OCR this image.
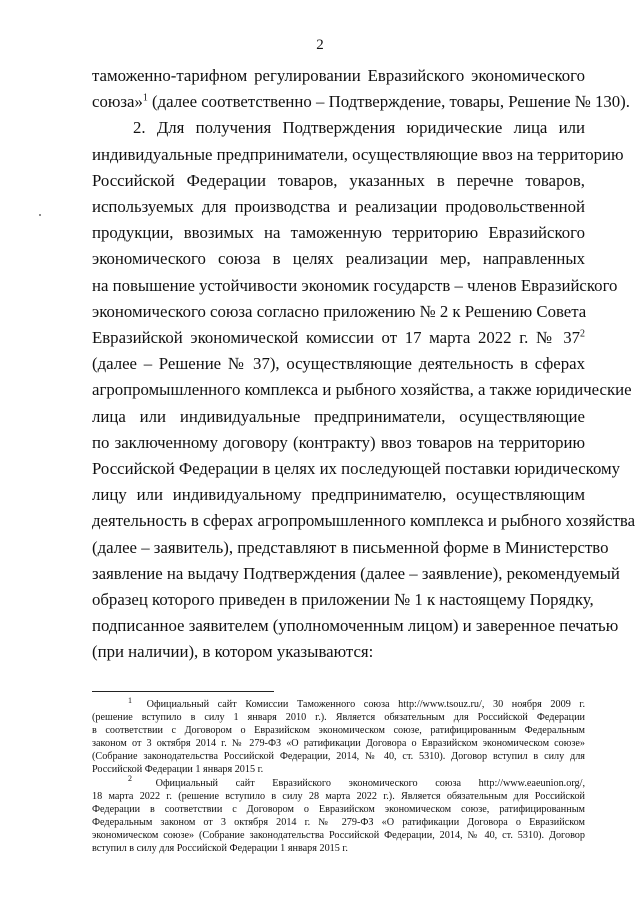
2
таможенно-тарифном регулировании Евразийского экономического
союза»$^1$ (далее соответственно – Подтверждение, товары, Решение № 130).
2. Для получения Подтверждения юридические лица или
индивидуальные предприниматели, осуществляющие ввоз на территорию
Российской Федерации товаров, указанных в перечне товаров,
используемых для производства и реализации продовольственной
продукции, ввозимых на таможенную территорию Евразийского
экономического союза в целях реализации мер, направленных
на повышение устойчивости экономик государств – членов Евразийского
экономического союза согласно приложению № 2 к Решению Совета
Евразийской экономической комиссии от 17 марта 2022 г. № $37^2$
(далее – Решение № 37), осуществляющие деятельность в сферах
агропромышленного комплекса и рыбного хозяйства, а также юридические
лица или индивидуальные предприниматели, осуществляющие
по заключенному договору (контракту) ввоз товаров на территорию
Российской Федерации в целях их последующей поставки юридическому
лицу или индивидуальному предпринимателю, осуществляющим
деятельность в сферах агропромышленного комплекса и рыбного хозяйства
(далее – заявитель), представляют в письменной форме в Министерство
заявление на выдачу Подтверждения (далее – заявление), рекомендуемый
образец которого приведен в приложении № 1 к настоящему Порядку,
подписанное заявителем (уполномоченным лицом) и заверенное печатью
(при наличии), в котором указываются:
$^1$ Официальный сайт Комиссии Таможенного союза http://www.tsouz.ru/, 30 ноября 2009 г.
(решение вступило в силу 1 января 2010 г.). Является обязательным для Российской Федерации
в соответствии с Договором о Евразийском экономическом союзе, ратифицированным Федеральным
законом от 3 октября 2014 г. № 279-ФЗ «О ратификации Договора о Евразийском экономическом союзе»
(Собрание законодательства Российской Федерации, 2014, № 40, ст. 5310). Договор вступил в силу для
Российской Федерации 1 января 2015 г.
$^2$ Официальный сайт Евразийского экономического союза http://www.eaeunion.org/,
18 марта 2022 г. (решение вступило в силу 28 марта 2022 г.). Является обязательным для Российской
Федерации в соответствии с Договором о Евразийском экономическом союзе, ратифицированным
Федеральным законом от 3 октября 2014 г. № 279-ФЗ «О ратификации Договора о Евразийском
экономическом союзе» (Собрание законодательства Российской Федерации, 2014, № 40, ст. 5310). Договор
вступил в силу для Российской Федерации 1 января 2015 г.
